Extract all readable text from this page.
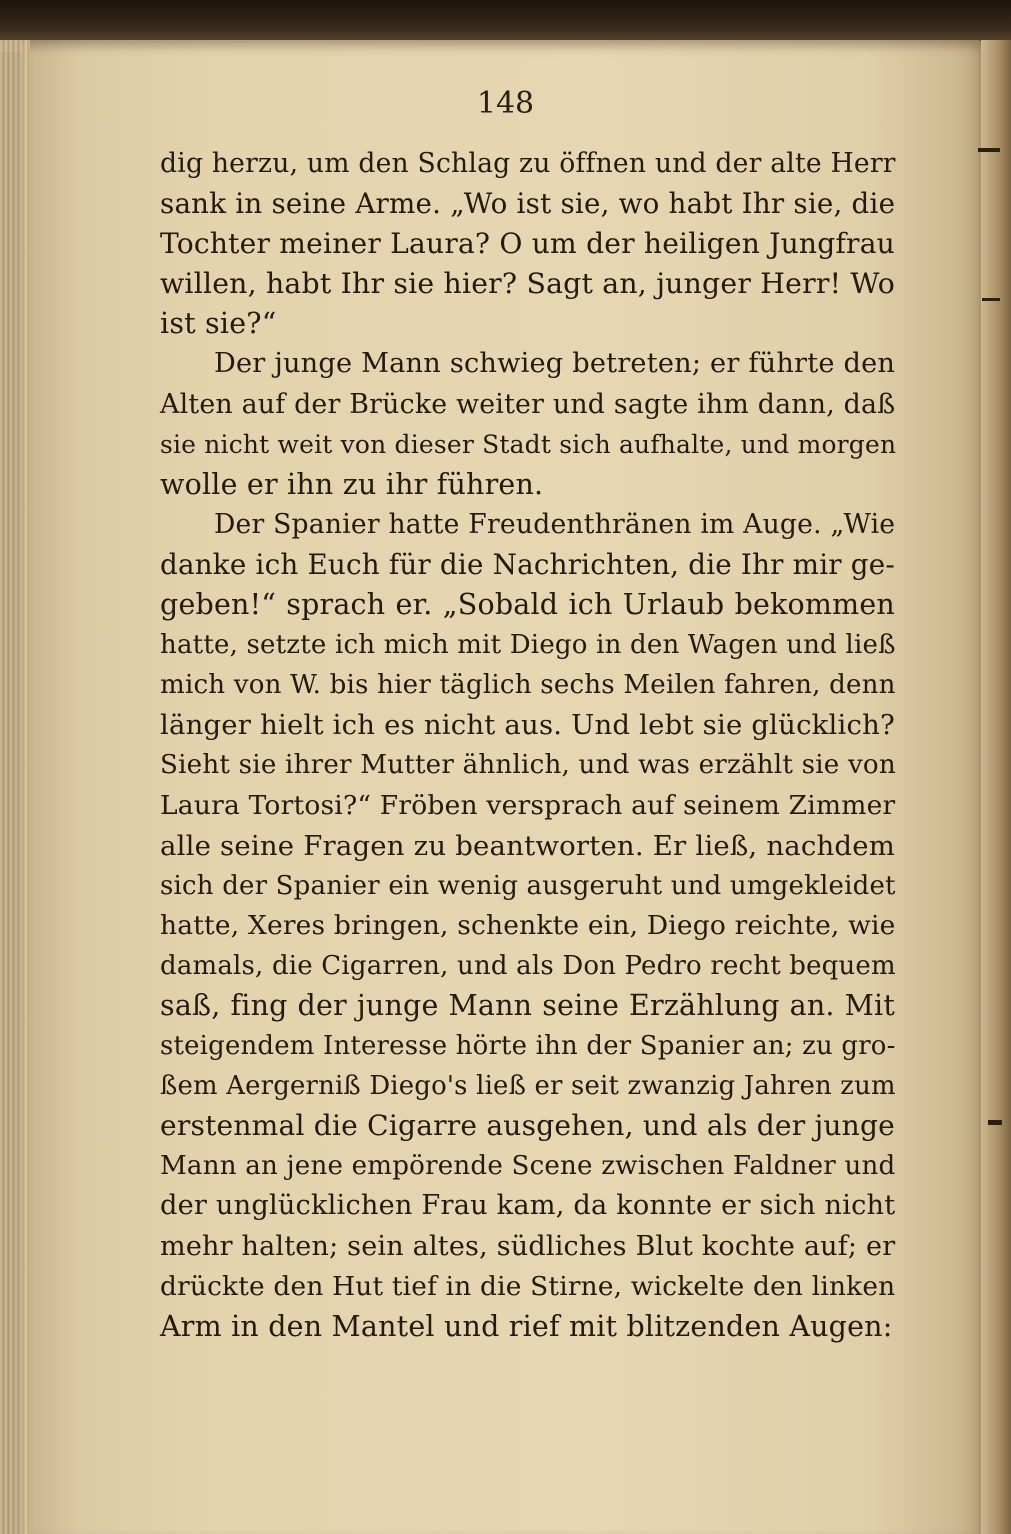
148
dig herzu, um den Schlag zu öffnen und der alte Herr
sank in seine Arme. „Wo ist sie, wo habt Ihr sie, die
Tochter meiner Laura? O um der heiligen Jungfrau
willen, habt Ihr sie hier? Sagt an, junger Herr! Wo
ist sie?“
Der junge Mann schwieg betreten; er führte den
Alten auf der Brücke weiter und sagte ihm dann, daß
sie nicht weit von dieser Stadt sich aufhalte, und morgen
wolle er ihn zu ihr führen.
Der Spanier hatte Freudenthränen im Auge. „Wie
danke ich Euch für die Nachrichten, die Ihr mir ge-
geben!“ sprach er. „Sobald ich Urlaub bekommen
hatte, setzte ich mich mit Diego in den Wagen und ließ
mich von W. bis hier täglich sechs Meilen fahren, denn
länger hielt ich es nicht aus. Und lebt sie glücklich?
Sieht sie ihrer Mutter ähnlich, und was erzählt sie von
Laura Tortosi?“ Fröben versprach auf seinem Zimmer
alle seine Fragen zu beantworten. Er ließ, nachdem
sich der Spanier ein wenig ausgeruht und umgekleidet
hatte, Xeres bringen, schenkte ein, Diego reichte, wie
damals, die Cigarren, und als Don Pedro recht bequem
saß, fing der junge Mann seine Erzählung an. Mit
steigendem Interesse hörte ihn der Spanier an; zu gro-
ßem Aergerniß Diego's ließ er seit zwanzig Jahren zum
erstenmal die Cigarre ausgehen, und als der junge
Mann an jene empörende Scene zwischen Faldner und
der unglücklichen Frau kam, da konnte er sich nicht
mehr halten; sein altes, südliches Blut kochte auf; er
drückte den Hut tief in die Stirne, wickelte den linken
Arm in den Mantel und rief mit blitzenden Augen:
